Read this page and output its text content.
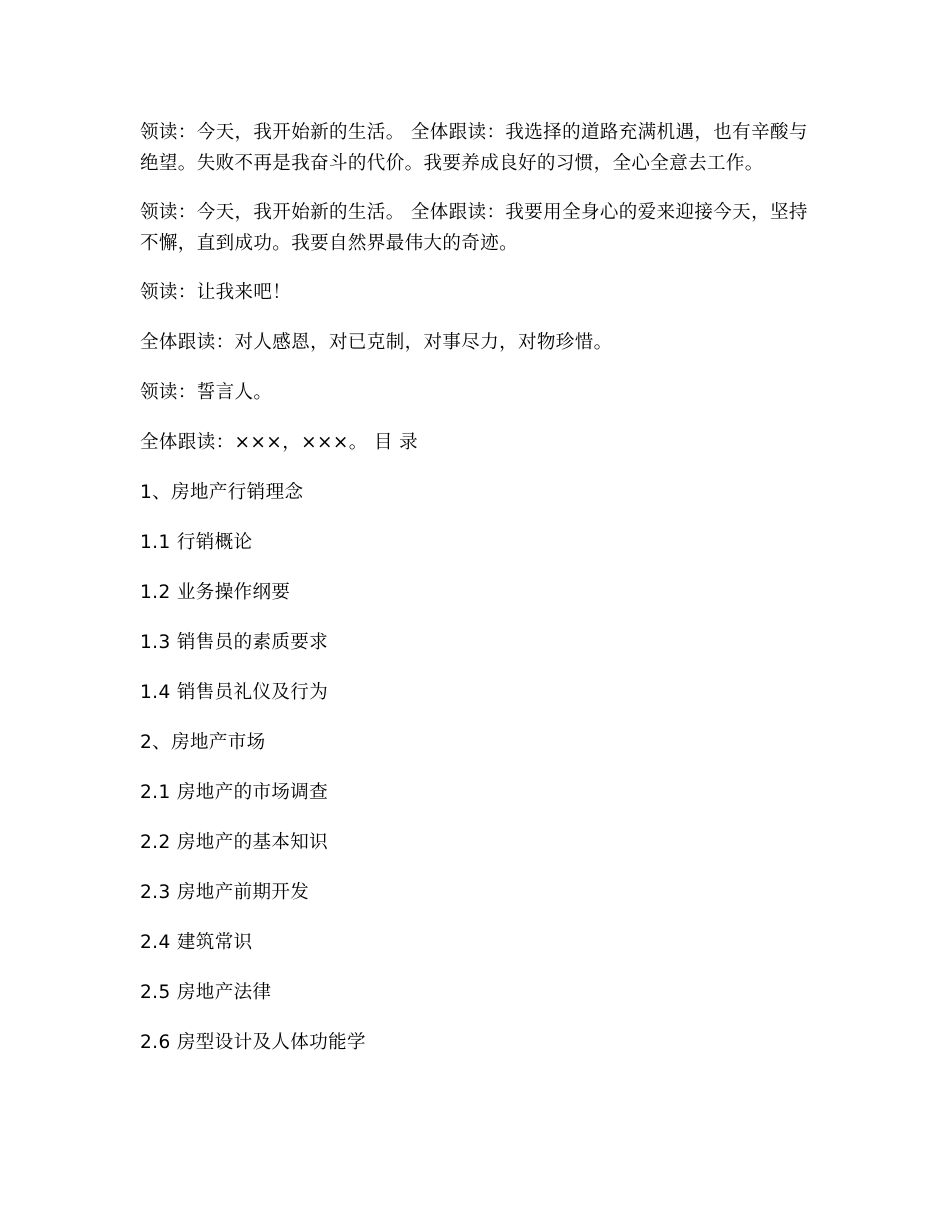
领读：今天，我开始新的生活。 全体跟读：我选择的道路充满机遇，也有辛酸与绝望。失败不再是我奋斗的代价。我要养成良好的习惯，全心全意去工作。

领读：今天，我开始新的生活。 全体跟读：我要用全身心的爱来迎接今天，坚持不懈，直到成功。我要自然界最伟大的奇迹。

领读：让我来吧！

全体跟读：对人感恩，对已克制，对事尽力，对物珍惜。

领读：誓言人。

全体跟读：×××，×××。 目 录

1、房地产行销理念

1.1 行销概论

1.2 业务操作纲要

1.3 销售员的素质要求

1.4 销售员礼仪及行为

2、房地产市场

2.1 房地产的市场调查

2.2 房地产的基本知识

2.3 房地产前期开发

2.4 建筑常识

2.5 房地产法律

2.6 房型设计及人体功能学
